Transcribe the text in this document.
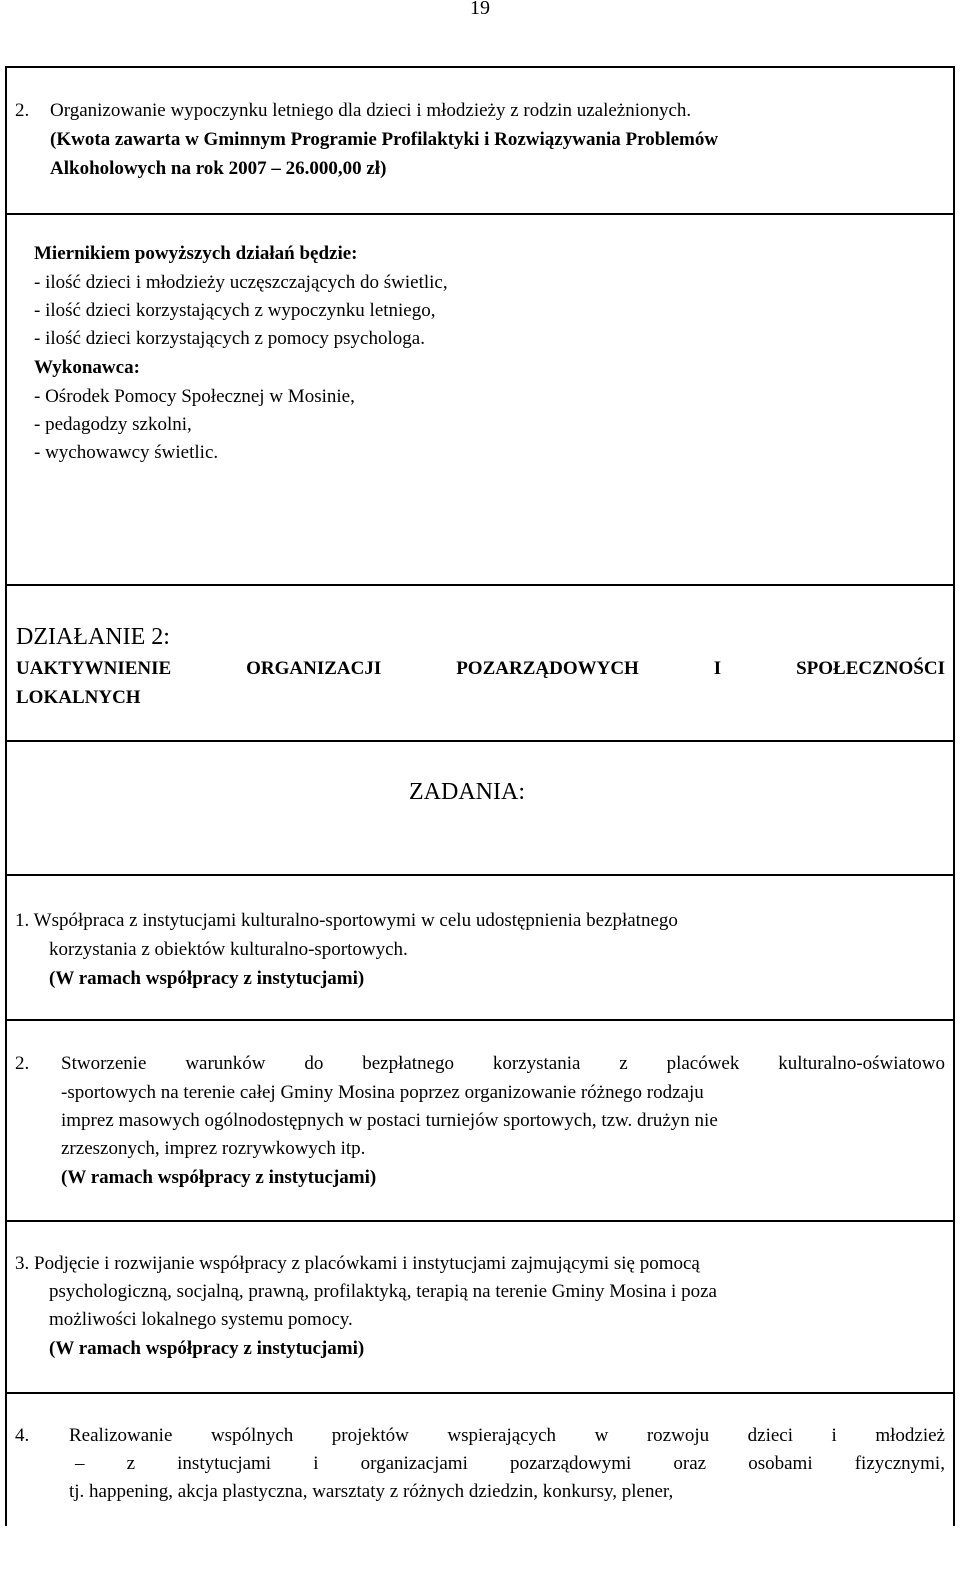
19
2. Organizowanie wypoczynku letniego dla dzieci i młodzieży z rodzin uzależnionych.
(Kwota zawarta w Gminnym Programie Profilaktyki i Rozwiązywania Problemów
Alkoholowych na rok 2007 – 26.000,00 zł)
Miernikiem powyższych działań będzie:
- ilość dzieci i młodzieży uczęszczających do świetlic,
- ilość dzieci korzystających z wypoczynku letniego,
- ilość dzieci korzystających z pomocy psychologa.
Wykonawca:
- Ośrodek Pomocy Społecznej w Mosinie,
- pedagodzy szkolni,
- wychowawcy świetlic.
DZIAŁANIE 2:
UAKTYWNIENIE	ORGANIZACJI	POZARZĄDOWYCH	I	SPOŁECZNOŚCI
LOKALNYCH
ZADANIA:
1. Współpraca z instytucjami kulturalno-sportowymi w celu udostępnienia bezpłatnego
korzystania z obiektów kulturalno-sportowych.
(W ramach współpracy z instytucjami)
2. Stworzenie warunków do bezpłatnego korzystania z placówek kulturalno-oświatowo
-sportowych na terenie całej Gminy Mosina poprzez organizowanie różnego rodzaju
imprez masowych ogólnodostępnych w postaci turniejów sportowych, tzw. drużyn nie
zrzeszonych, imprez rozrywkowych itp.
(W ramach współpracy z instytucjami)
3. Podjęcie i rozwijanie współpracy z placówkami i instytucjami zajmującymi się pomocą
psychologiczną, socjalną, prawną, profilaktyką, terapią na terenie Gminy Mosina i poza
możliwości lokalnego systemu pomocy.
(W ramach współpracy z instytucjami)
4. Realizowanie wspólnych projektów wspierających w rozwoju dzieci i młodzież
– z instytucjami i organizacjami pozarządowymi oraz osobami fizycznymi,
tj. happening, akcja plastyczna, warsztaty z różnych dziedzin, konkursy, plener,
